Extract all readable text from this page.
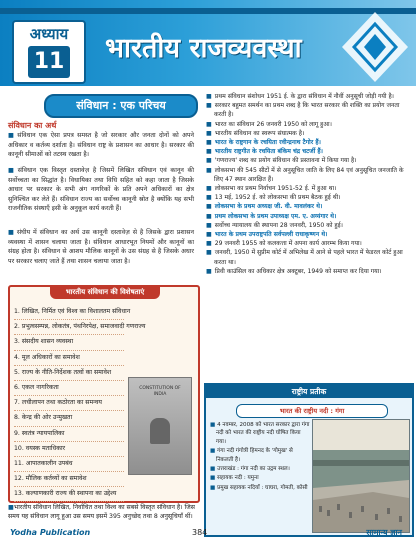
अध्याय
11 भारतीय राजव्यवस्था
संविधान : एक परिचय
संविधान का अर्थ
■ संविधान एक ऐसा प्रपत्र समस्त है जो सरकार और जनता दोनों को अपने अधिकार व कर्तव्य दर्शाता है। संविधान राष्ट्र के प्रशासन का आधार है। सरकार की कानूनी सीमाओं को तटस्थ रखता है।
■ संविधान एक विस्तृत दस्तावेज़ है जिसमें लिखित संविधान एवं कानून की सर्वोच्चता का सिद्धांत है। विधायिका तथा विधि सहित को कहा जाता है जिसके आधार पर सरकार के सभी अंग नागरिकों के प्रति अपने अधिकारों का क्षेत्र सुनिश्चित कर लेते हैं। संविधान राज्य का सर्वोच्च कानूनी स्रोत है क्योंकि यह सभी राजनीतिक संस्थाएँ इसी के अनुकूल कार्य करती हैं।
■ संघीय में संविधान का अर्थ उस कानूनी दस्तावेज़ से है जिसके द्वारा प्रशासन व्यवस्था में शासन चलाया जाता है। संविधान आधारभूत नियमों और कानूनों का संग्रह होता है। संविधान से आशय मौलिक कानूनों के उस संग्रह से है जिसके अधार पर सरकार चलाए जाते हैं तथा शासन चलाया जाता है।
भारतीय संविधान की विशेषताएं
1. लिखित, निर्मित एवं विश्व का विशालतम संविधान
2. प्रभुत्वसम्पन्न, लोकतंत्र, पंथनिरपेक्ष, समाजवादी गणराज्य
3. संसदीय शासन व्यवस्था
4. मूल अधिकारों का समावेश
5. राज्य के नीति-निर्देशक तत्वों का समावेश
6. एकल नागरिकता
7. लचीलापन तथा कठोरता का समन्वय
8. केन्द्र की ओर उन्मुखता
9. स्वतंत्र न्यायपालिका
10. वयस्क मताधिकार
11. आपातकालीन उपबंध
12. मौलिक कर्तव्यों का समावेश
13. कल्याणकारी राज्य की स्थापना का उद्देश्य
CONSTITUTION OF INDIA
■भारतीय संविधान लिखित, निर्वाचित तथा विश्व का सबसे विस्तृत संविधान है। जिस समय यह संविधान लागू हुआ उस समय इसमें 395 अनुच्छेद तथा 8 अनुसूचियाँ थीं।

■ प्रथम संविधान संशोधन 1951 ई. के द्वारा संविधान में नौवीं अनुसूची जोड़ी गयी है।

■ सरकार बहुमत समर्थन का प्रथम शब्द है कि भारत सरकार की शक्ति का प्रयोग जनता करती है।

■ भारत का संविधान 26 जनवरी 1950 को लागू हुआ।

■ भारतीय संविधान का स्वरूप संघात्मक है।

■ भारत के राष्ट्रगान के रचयिता रवीन्द्रनाथ टैगोर हैं।

■ भारतीय राष्ट्रगीत के रचयिता बंकिम चंद्र चटर्जी हैं।

■ 'गणराज्य' शब्द का प्रयोग संविधान की प्रस्तावना में किया गया है।

■ लोकसभा की 545 सीटों में से अनुसूचित जाति के लिए 84 एवं अनुसूचित जनजाति के लिए 47 स्थान आरक्षित हैं।

■ लोकसभा का प्रथम निर्वाचन 1951-52 ई. में हुआ था।

■ 13 मई, 1952 ई. को लोकसभा की प्रथम बैठक हुई थी।

■ लोकसभा के प्रथम अध्यक्ष जी. वी. मावलंकर थे।

■ प्रथम लोकसभा के प्रथम उपाध्यक्ष एम. ए. अय्यंगार थे।

■ सर्वोच्च न्यायालय की स्थापना 28 जनवरी, 1950 को हुई।

■ भारत के प्रथम उपराष्ट्रपति सर्वपल्ली राधाकृष्णन थे।

■ 29 जनवरी 1955 को कलकत्ता में अपना कार्य आरम्भ किया गया।

■ जनवरी, 1950 में सुप्रीम कोर्ट में अभिलेख में आने से पहले भारत में फेडरल कोर्ट हुआ करता था।

■ प्रिवी काउंसिल का अधिकार क्षेत्र अक्टूबर, 1949 को समाप्त कर दिया गया।

राष्ट्रीय प्रतीक
भारत की राष्ट्रीय नदी : गंगा

■ 4 नवम्बर, 2008 को भारत सरकार द्वारा गंगा नदी को भारत की राष्ट्रीय नदी घोषित किया गया।

■ गंगा नदी गंगोत्री हिमनद के 'गोमुख' से निकलती है।

■ उत्तराखंड : गंगा नदी का उद्गम स्थल।

■ सहायक नदी : यमुना

■ प्रमुख सहायक नदियाँ : घाघरा, गोमती, कोसी

Yodha Publication	384	सामान्य ज्ञान
